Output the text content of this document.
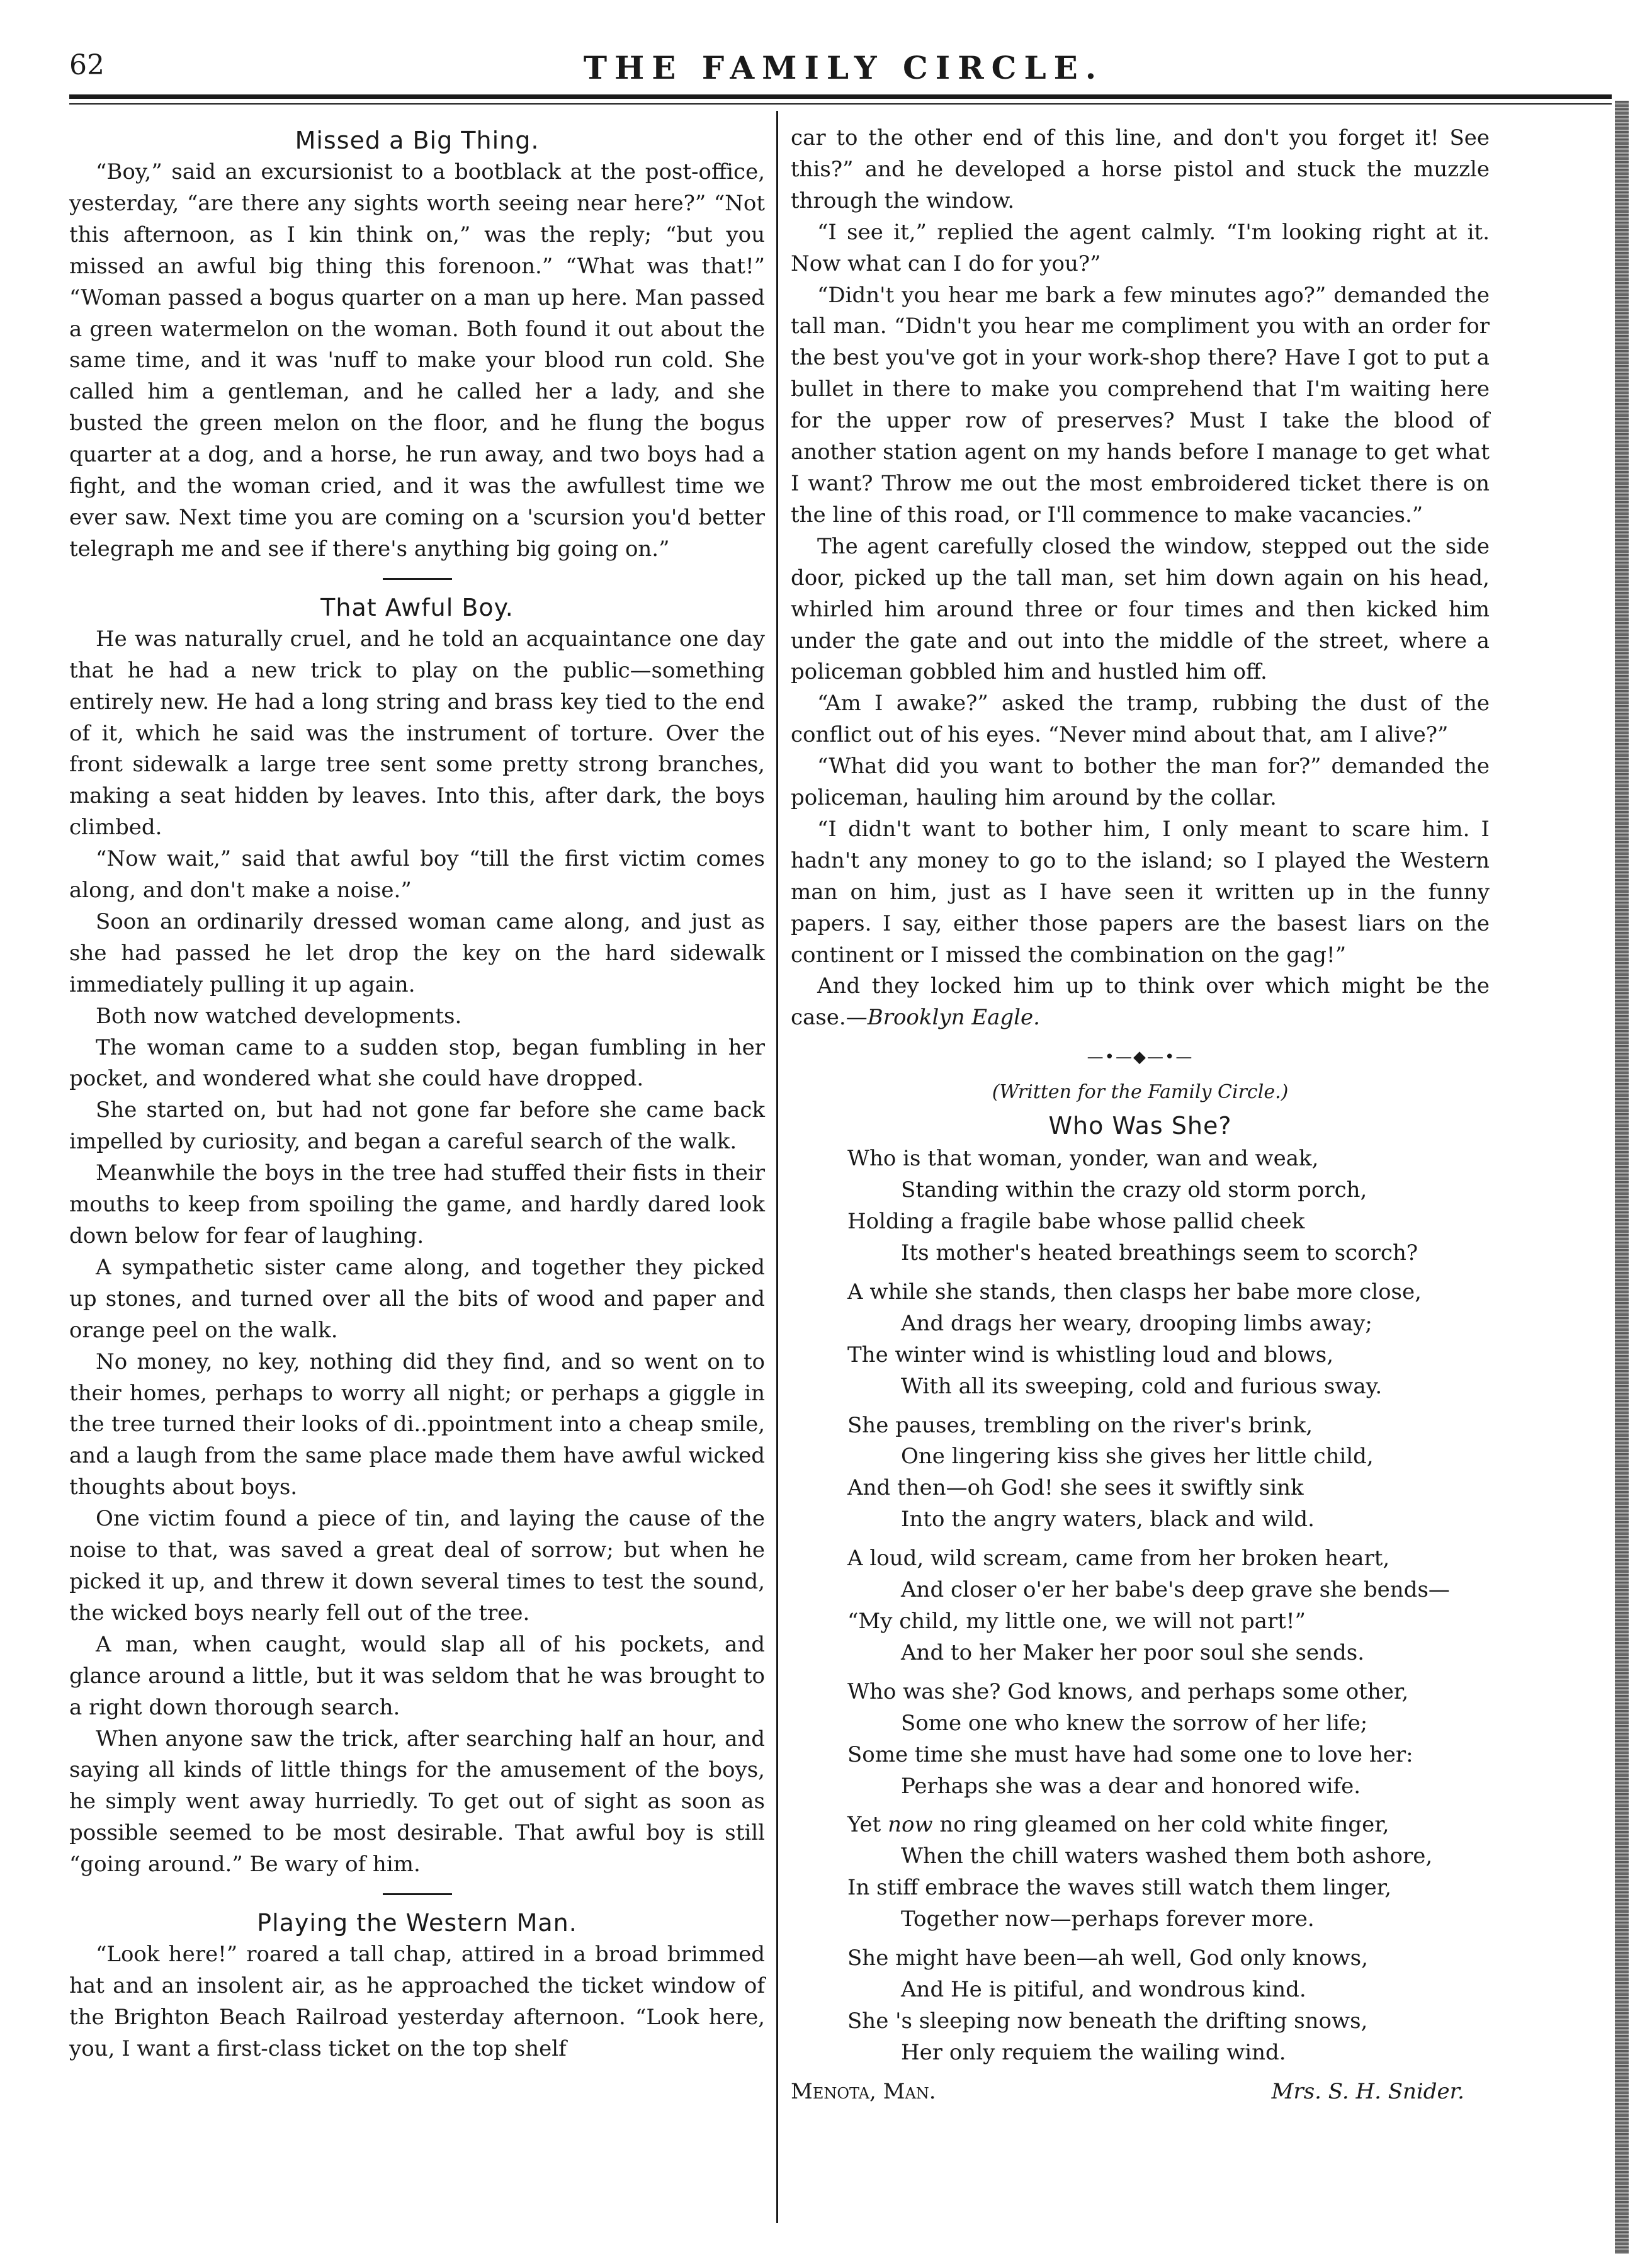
62	THE FAMILY CIRCLE.
Missed a Big Thing.

“Boy,” said an excursionist to a bootblack at the post-office, yesterday, “are there any sights worth seeing near here?” “Not this afternoon, as I kin think on,” was the reply; “but you missed an awful big thing this forenoon.” “What was that!” “Woman passed a bogus quarter on a man up here. Man passed a green watermelon on the woman. Both found it out about the same time, and it was 'nuff to make your blood run cold. She called him a gentleman, and he called her a lady, and she busted the green melon on the floor, and he flung the bogus quarter at a dog, and a horse, he run away, and two boys had a fight, and the woman cried, and it was the awfullest time we ever saw. Next time you are coming on a 'scursion you'd better telegraph me and see if there's anything big going on.”

That Awful Boy.

He was naturally cruel, and he told an acquaintance one day that he had a new trick to play on the public—something entirely new. He had a long string and brass key tied to the end of it, which he said was the instrument of torture. Over the front sidewalk a large tree sent some pretty strong branches, making a seat hidden by leaves. Into this, after dark, the boys climbed.

“Now wait,” said that awful boy “till the first victim comes along, and don't make a noise.”

Soon an ordinarily dressed woman came along, and just as she had passed he let drop the key on the hard sidewalk immediately pulling it up again.

Both now watched developments.

The woman came to a sudden stop, began fumbling in her pocket, and wondered what she could have dropped.

She started on, but had not gone far before she came back impelled by curiosity, and began a careful search of the walk.

Meanwhile the boys in the tree had stuffed their fists in their mouths to keep from spoiling the game, and hardly dared look down below for fear of laughing.

A sympathetic sister came along, and together they picked up stones, and turned over all the bits of wood and paper and orange peel on the walk.

No money, no key, nothing did they find, and so went on to their homes, perhaps to worry all night; or perhaps a giggle in the tree turned their looks of di..ppointment into a cheap smile, and a laugh from the same place made them have awful wicked thoughts about boys.

One victim found a piece of tin, and laying the cause of the noise to that, was saved a great deal of sorrow; but when he picked it up, and threw it down several times to test the sound, the wicked boys nearly fell out of the tree.

A man, when caught, would slap all of his pockets, and glance around a little, but it was seldom that he was brought to a right down thorough search.

When anyone saw the trick, after searching half an hour, and saying all kinds of little things for the amusement of the boys, he simply went away hurriedly. To get out of sight as soon as possible seemed to be most desirable. That awful boy is still “going around.” Be wary of him.

Playing the Western Man.

“Look here!” roared a tall chap, attired in a broad brimmed hat and an insolent air, as he approached the ticket window of the Brighton Beach Railroad yesterday afternoon. “Look here, you, I want a first-class ticket on the top shelf

car to the other end of this line, and don't you forget it! See this?” and he developed a horse pistol and stuck the muzzle through the window.

“I see it,” replied the agent calmly. “I'm looking right at it. Now what can I do for you?”

“Didn't you hear me bark a few minutes ago?” demanded the tall man. “Didn't you hear me compliment you with an order for the best you've got in your work-shop there? Have I got to put a bullet in there to make you comprehend that I'm waiting here for the upper row of preserves? Must I take the blood of another station agent on my hands before I manage to get what I want? Throw me out the most embroidered ticket there is on the line of this road, or I'll commence to make vacancies.”

The agent carefully closed the window, stepped out the side door, picked up the tall man, set him down again on his head, whirled him around three or four times and then kicked him under the gate and out into the middle of the street, where a policeman gobbled him and hustled him off.

“Am I awake?” asked the tramp, rubbing the dust of the conflict out of his eyes. “Never mind about that, am I alive?”

“What did you want to bother the man for?” demanded the policeman, hauling him around by the collar.

“I didn't want to bother him, I only meant to scare him. I hadn't any money to go to the island; so I played the Western man on him, just as I have seen it written up in the funny papers. I say, either those papers are the basest liars on the continent or I missed the combination on the gag!”

And they locked him up to think over which might be the case.—Brooklyn Eagle.

—•—◆—•—
(Written for the Family Circle.)
Who Was She?
Who is that woman, yonder, wan and weak,
Standing within the crazy old storm porch,
Holding a fragile babe whose pallid cheek
Its mother's heated breathings seem to scorch?
A while she stands, then clasps her babe more close,
And drags her weary, drooping limbs away;
The winter wind is whistling loud and blows,
With all its sweeping, cold and furious sway.
She pauses, trembling on the river's brink,
One lingering kiss she gives her little child,
And then—oh God! she sees it swiftly sink
Into the angry waters, black and wild.
A loud, wild scream, came from her broken heart,
And closer o'er her babe's deep grave she bends—
“My child, my little one, we will not part!”
And to her Maker her poor soul she sends.
Who was she? God knows, and perhaps some other,
Some one who knew the sorrow of her life;
Some time she must have had some one to love her:
Perhaps she was a dear and honored wife.
Yet now no ring gleamed on her cold white finger,
When the chill waters washed them both ashore,
In stiff embrace the waves still watch them linger,
Together now—perhaps forever more.
She might have been—ah well, God only knows,
And He is pitiful, and wondrous kind.
She 's sleeping now beneath the drifting snows,
Her only requiem the wailing wind.
Menota, Man.	Mrs. S. H. Snider.
